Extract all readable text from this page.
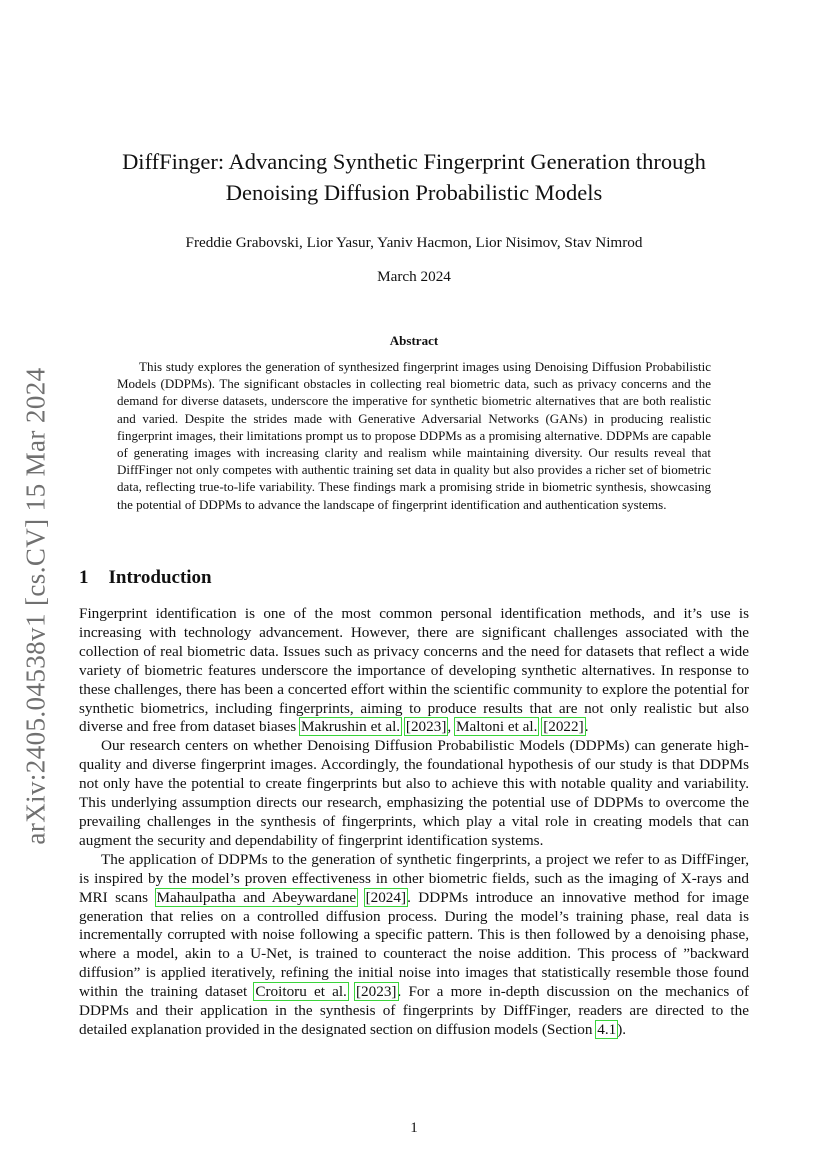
arXiv:2405.04538v1 [cs.CV] 15 Mar 2024
DiffFinger: Advancing Synthetic Fingerprint Generation through
Denoising Diffusion Probabilistic Models
Freddie Grabovski, Lior Yasur, Yaniv Hacmon, Lior Nisimov, Stav Nimrod
March 2024
Abstract

This study explores the generation of synthesized fingerprint images using Denoising Diffusion Probabilistic Models (DDPMs). The significant obstacles in collecting real biometric data, such as privacy concerns and the demand for diverse datasets, underscore the imperative for synthetic biometric alternatives that are both realistic and varied. Despite the strides made with Generative Adversarial Networks (GANs) in producing realistic fingerprint images, their limitations prompt us to propose DDPMs as a promising alternative. DDPMs are capable of generating images with increasing clarity and realism while maintaining diversity. Our results reveal that DiffFinger not only competes with authentic training set data in quality but also provides a richer set of biometric data, reflecting true-to-life variability. These findings mark a promising stride in biometric synthesis, showcasing the potential of DDPMs to advance the landscape of fingerprint identification and authentication systems.

1 Introduction

Fingerprint identification is one of the most common personal identification methods, and it’s use is increasing with technology advancement. However, there are significant challenges associated with the collection of real biometric data. Issues such as privacy concerns and the need for datasets that reflect a wide variety of biometric features underscore the importance of developing synthetic alternatives. In response to these challenges, there has been a concerted effort within the scientific community to explore the potential for synthetic biometrics, including fingerprints, aiming to produce results that are not only realistic but also diverse and free from dataset biases Makrushin et al. [2023], Maltoni et al. [2022].

Our research centers on whether Denoising Diffusion Probabilistic Models (DDPMs) can generate high-quality and diverse fingerprint images. Accordingly, the foundational hypothesis of our study is that DDPMs not only have the potential to create fingerprints but also to achieve this with notable quality and variability. This underlying assumption directs our research, emphasizing the potential use of DDPMs to overcome the prevailing challenges in the synthesis of fingerprints, which play a vital role in creating models that can augment the security and dependability of fingerprint identification systems.

The application of DDPMs to the generation of synthetic fingerprints, a project we refer to as DiffFinger, is inspired by the model’s proven effectiveness in other biometric fields, such as the imaging of X-rays and MRI scans Mahaulpatha and Abeywardane [2024]. DDPMs introduce an innovative method for image generation that relies on a controlled diffusion process. During the model’s training phase, real data is incrementally corrupted with noise following a specific pattern. This is then followed by a denoising phase, where a model, akin to a U-Net, is trained to counteract the noise addition. This process of ”backward diffusion” is applied iteratively, refining the initial noise into images that statistically resemble those found within the training dataset Croitoru et al. [2023]. For a more in-depth discussion on the mechanics of DDPMs and their application in the synthesis of fingerprints by DiffFinger, readers are directed to the detailed explanation provided in the designated section on diffusion models (Section 4.1).

1
